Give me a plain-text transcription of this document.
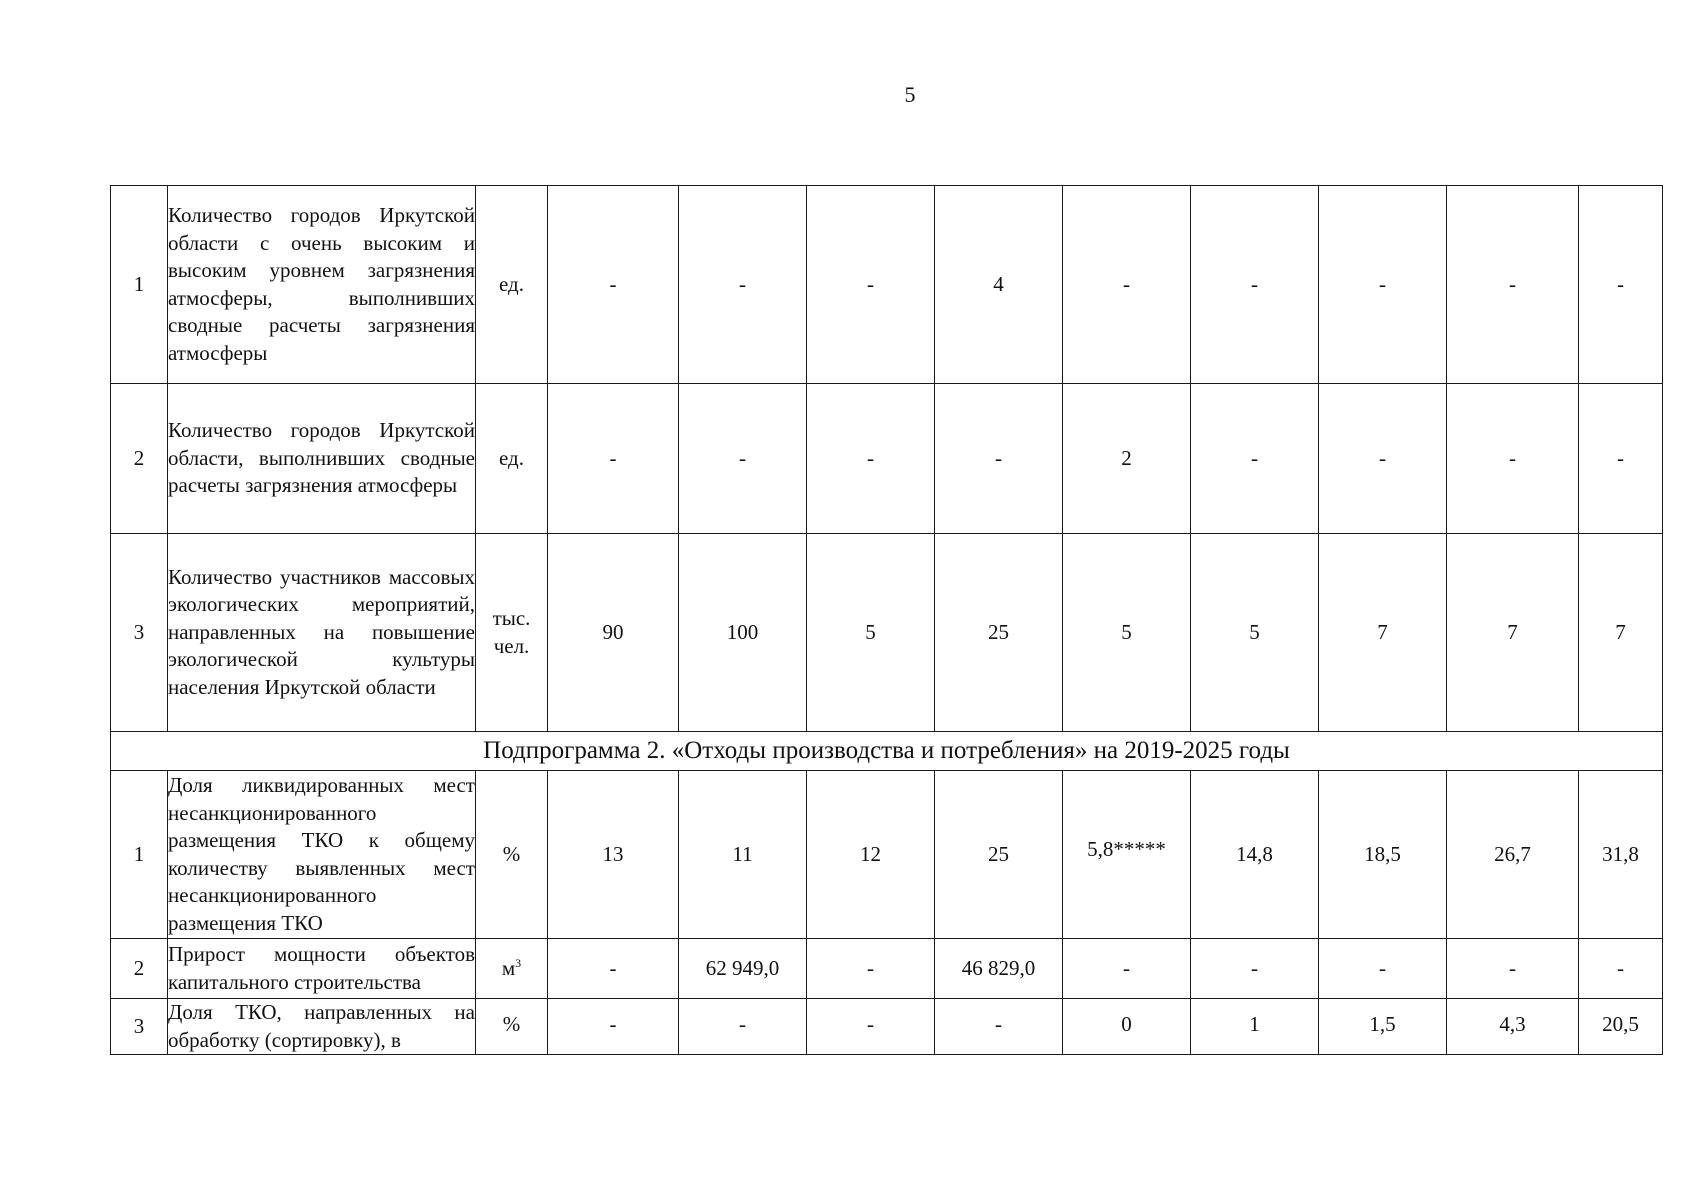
5
1	Количество городов Иркутской области с очень высоким и высоким уровнем загрязнения атмосферы, выполнивших сводные расчеты загрязнения атмосферы	ед.	-	-	-	4	-	-	-	-	-
2	Количество городов Иркутской области, выполнивших сводные расчеты загрязнения атмосферы	ед.	-	-	-	-	2	-	-	-	-
3	Количество участников массовых экологических мероприятий, направленных на повышение экологической культуры населения Иркутской области	тыс. чел.	90	100	5	25	5	5	7	7	7
Подпрограмма 2. «Отходы производства и потребления» на 2019-2025 годы											
1	Доля ликвидированных мест несанкционированного размещения ТКО к общему количеству выявленных мест несанкционированного размещения ТКО	%	13	11	12	25	5,8*****	14,8	18,5	26,7	31,8
2	Прирост мощности объектов капитального строительства	$м^3$	-	62 949,0	-	46 829,0	-	-	-	-	-
3	Доля ТКО, направленных на обработку (сортировку), в	%	-	-	-	-	0	1	1,5	4,3	20,5
